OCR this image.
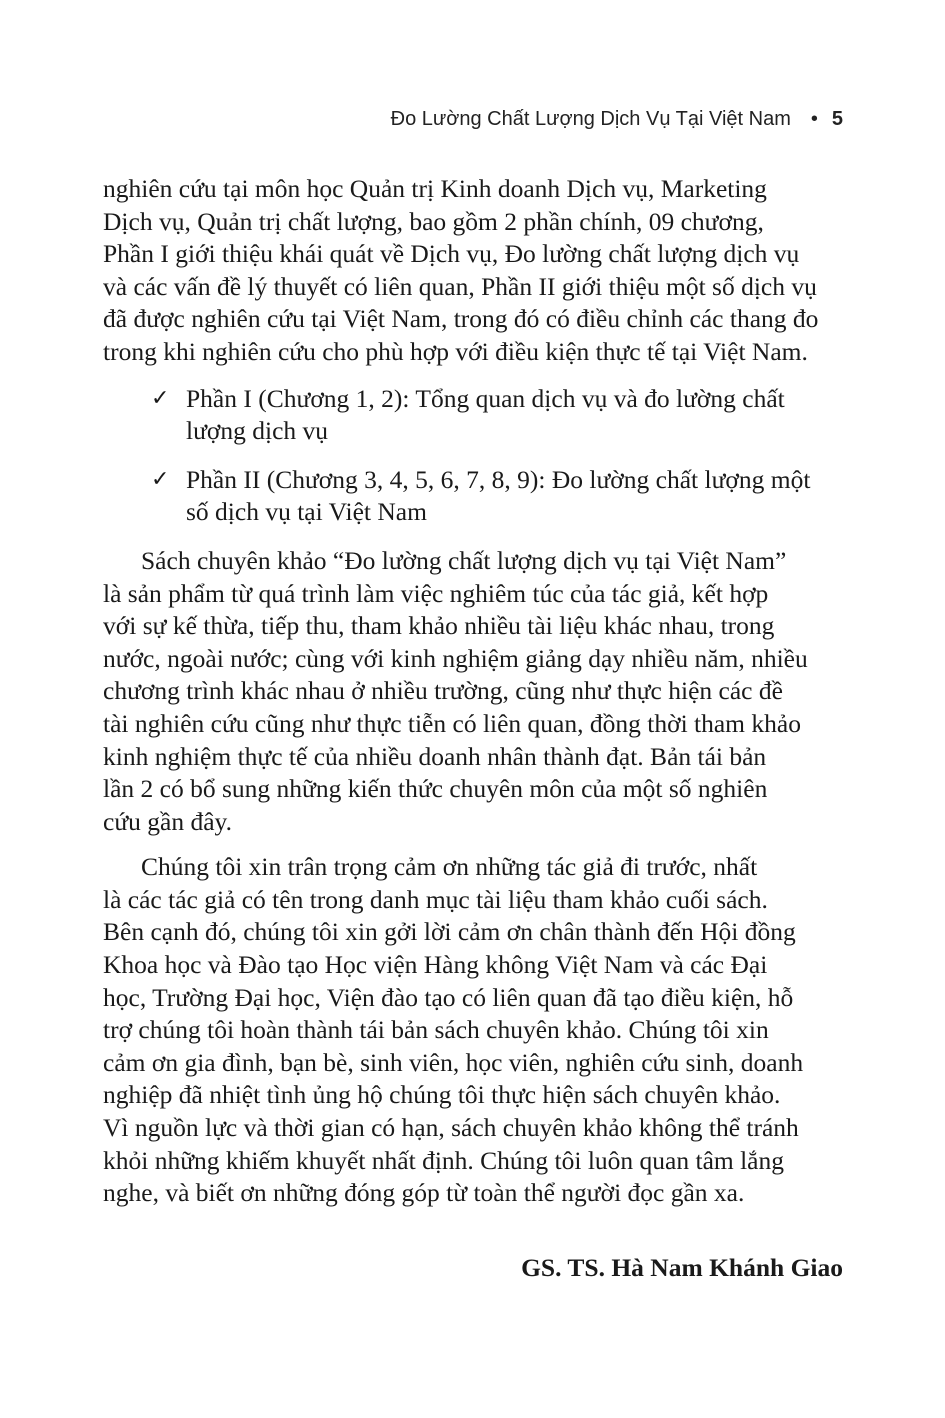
Đo Lường Chất Lượng Dịch Vụ Tại Việt Nam • 5

nghiên cứu tại môn học Quản trị Kinh doanh Dịch vụ, Marketing
Dịch vụ, Quản trị chất lượng, bao gồm 2 phần chính, 09 chương,
Phần I giới thiệu khái quát về Dịch vụ, Đo lường chất lượng dịch vụ
và các vấn đề lý thuyết có liên quan, Phần II giới thiệu một số dịch vụ
đã được nghiên cứu tại Việt Nam, trong đó có điều chỉnh các thang đo
trong khi nghiên cứu cho phù hợp với điều kiện thực tế tại Việt Nam.

✓ Phần I (Chương 1, 2): Tổng quan dịch vụ và đo lường chất
lượng dịch vụ
✓ Phần II (Chương 3, 4, 5, 6, 7, 8, 9): Đo lường chất lượng một
số dịch vụ tại Việt Nam

Sách chuyên khảo “Đo lường chất lượng dịch vụ tại Việt Nam”
là sản phẩm từ quá trình làm việc nghiêm túc của tác giả, kết hợp
với sự kế thừa, tiếp thu, tham khảo nhiều tài liệu khác nhau, trong
nước, ngoài nước; cùng với kinh nghiệm giảng dạy nhiều năm, nhiều
chương trình khác nhau ở nhiều trường, cũng như thực hiện các đề
tài nghiên cứu cũng như thực tiễn có liên quan, đồng thời tham khảo
kinh nghiệm thực tế của nhiều doanh nhân thành đạt. Bản tái bản
lần 2 có bổ sung những kiến thức chuyên môn của một số nghiên
cứu gần đây.

Chúng tôi xin trân trọng cảm ơn những tác giả đi trước, nhất
là các tác giả có tên trong danh mục tài liệu tham khảo cuối sách.
Bên cạnh đó, chúng tôi xin gởi lời cảm ơn chân thành đến Hội đồng
Khoa học và Đào tạo Học viện Hàng không Việt Nam và các Đại
học, Trường Đại học, Viện đào tạo có liên quan đã tạo điều kiện, hỗ
trợ chúng tôi hoàn thành tái bản sách chuyên khảo. Chúng tôi xin
cảm ơn gia đình, bạn bè, sinh viên, học viên, nghiên cứu sinh, doanh
nghiệp đã nhiệt tình ủng hộ chúng tôi thực hiện sách chuyên khảo.
Vì nguồn lực và thời gian có hạn, sách chuyên khảo không thể tránh
khỏi những khiếm khuyết nhất định. Chúng tôi luôn quan tâm lắng
nghe, và biết ơn những đóng góp từ toàn thể người đọc gần xa.

GS. TS. Hà Nam Khánh Giao
